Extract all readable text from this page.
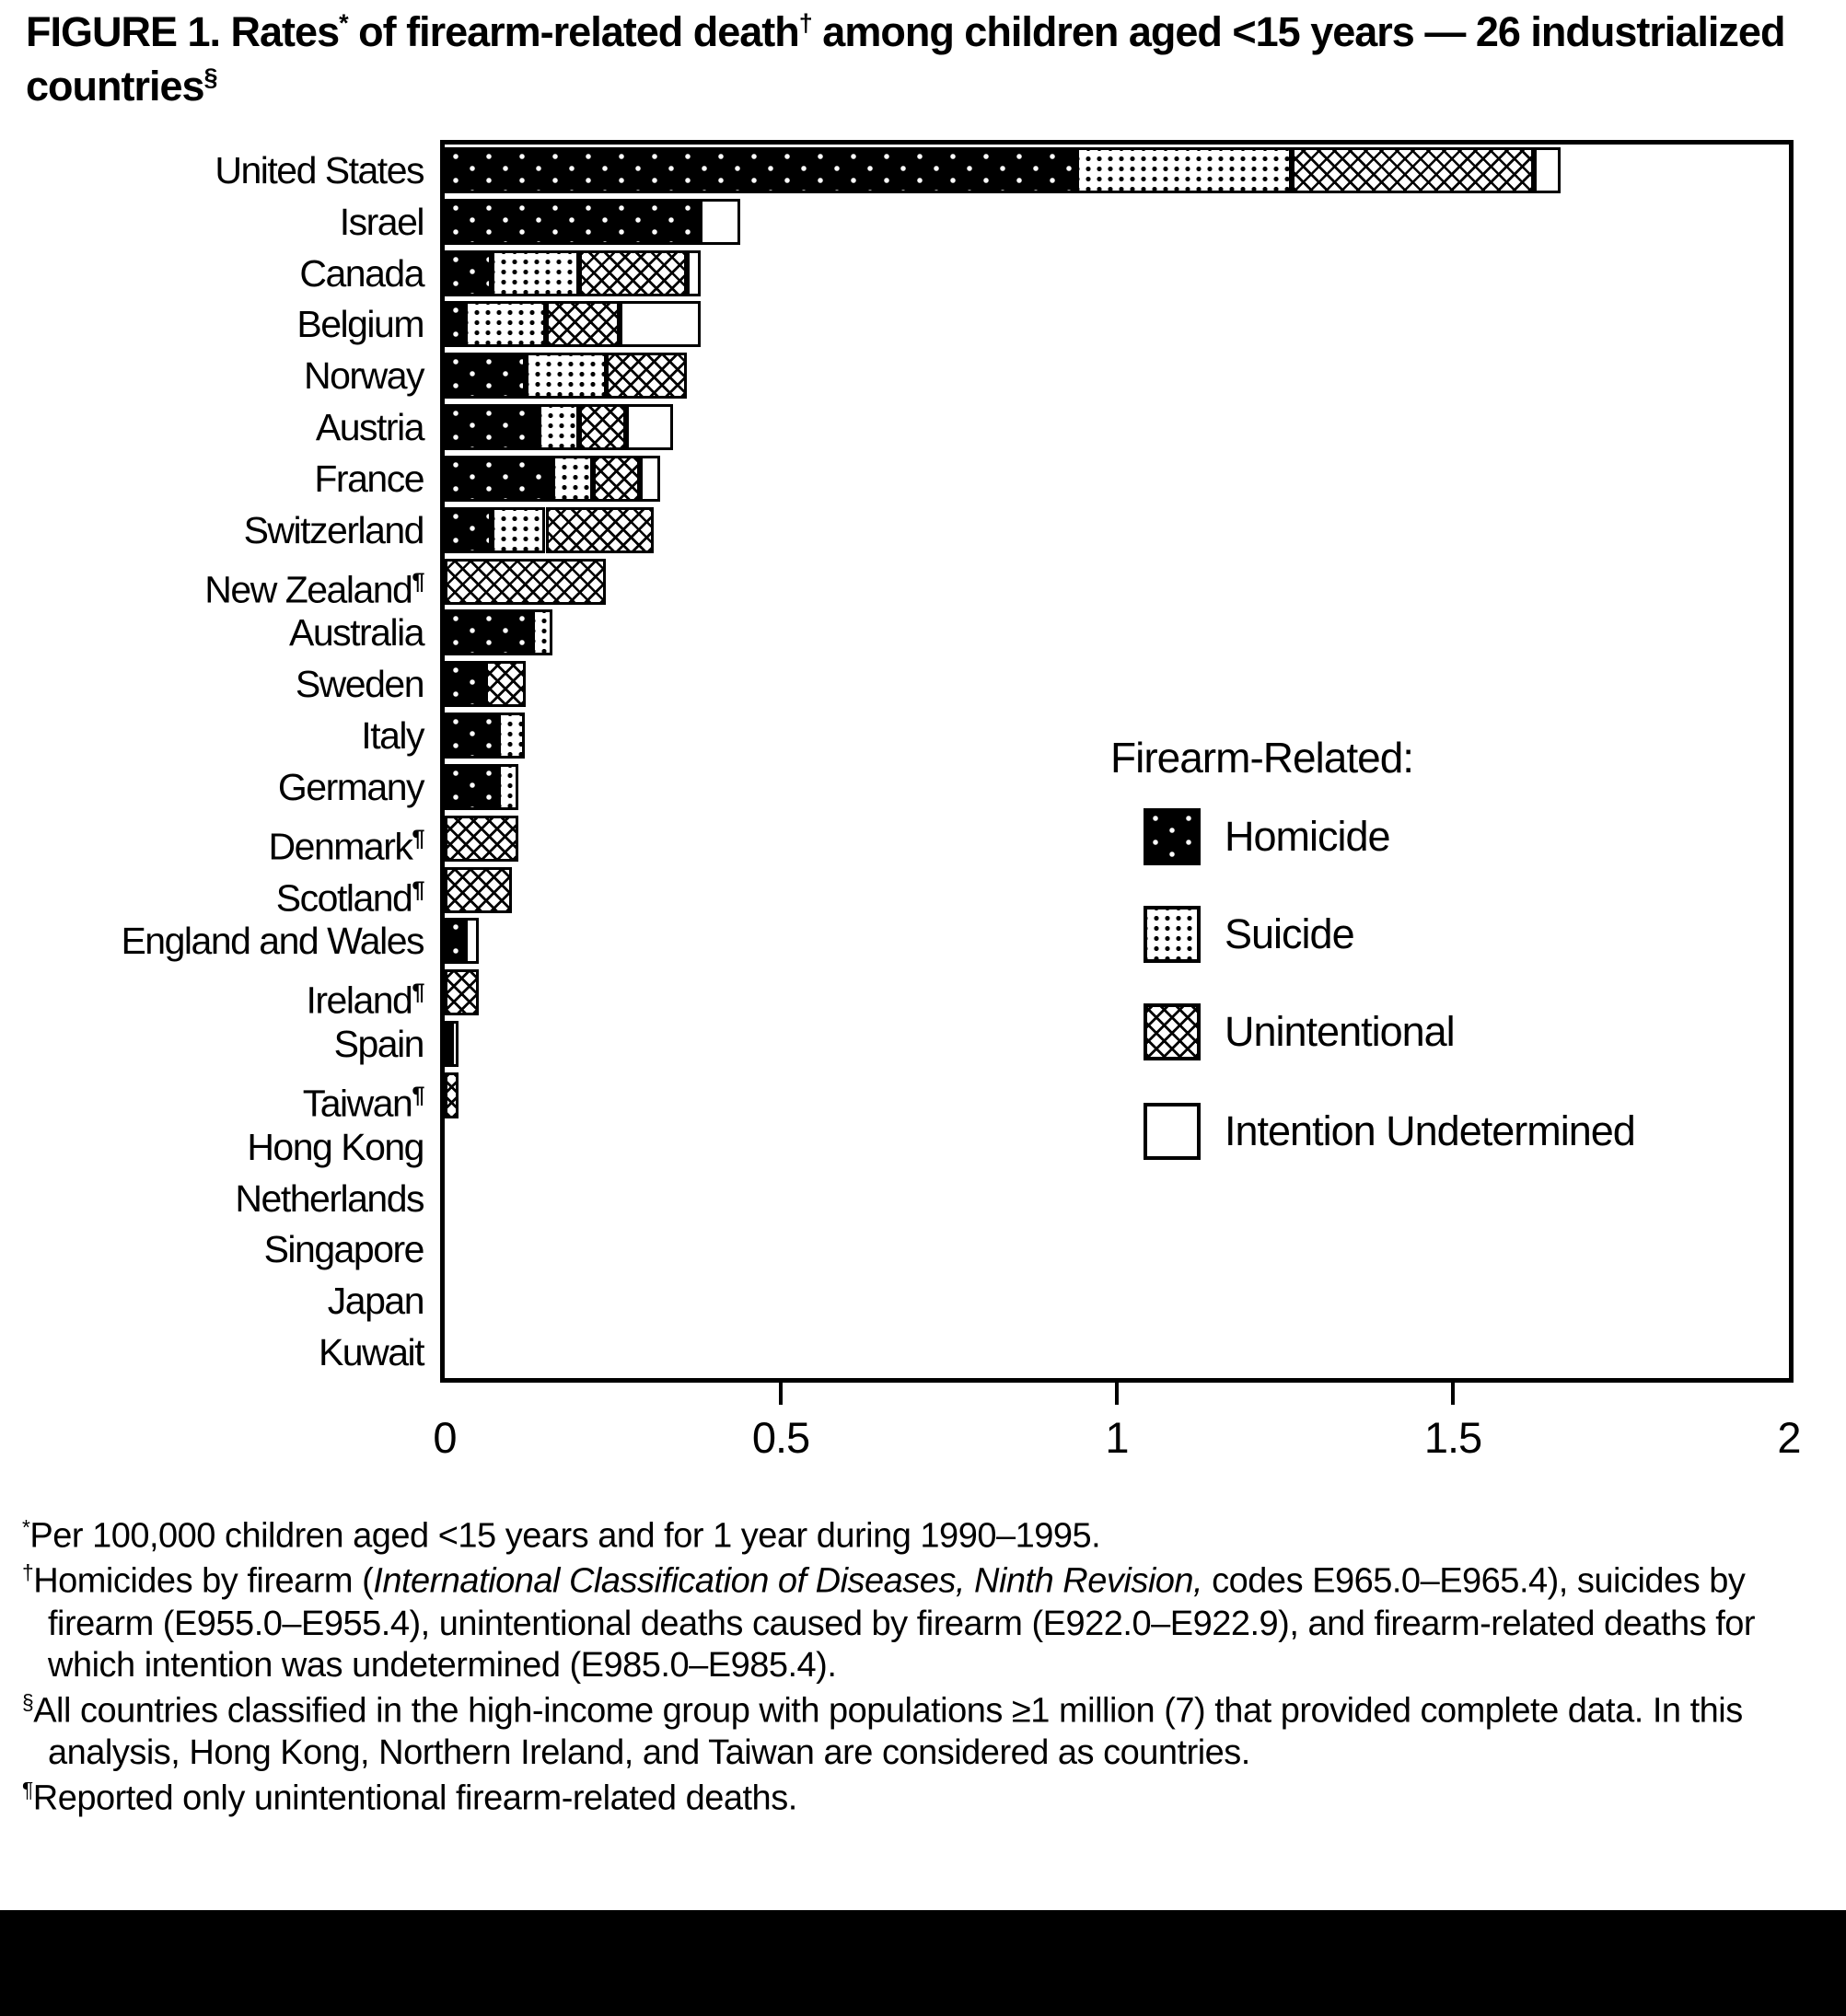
FIGURE 1. Rates* of firearm-related death† among children aged <15 years — 26 industrialized countries§
United States
Israel
Canada
Belgium
Norway
Austria
France
Switzerland
New Zealand¶
Australia
Sweden
Italy
Germany
Denmark¶
Scotland¶
England and Wales
Ireland¶
Spain
Taiwan¶
Hong Kong
Netherlands
Singapore
Japan
Kuwait
0	0.5	1	1.5	2
Firearm-Related:
Homicide
Suicide
Unintentional
Intention Undetermined
*Per 100,000 children aged <15 years and for 1 year during 1990–1995.
†Homicides by firearm (International Classification of Diseases, Ninth Revision, codes E965.0–E965.4), suicides by firearm (E955.0–E955.4), unintentional deaths caused by firearm (E922.0–E922.9), and firearm-related deaths for which intention was undetermined (E985.0–E985.4).
§All countries classified in the high-income group with populations ≥1 million (7) that provided complete data. In this analysis, Hong Kong, Northern Ireland, and Taiwan are considered as countries.
¶Reported only unintentional firearm-related deaths.
